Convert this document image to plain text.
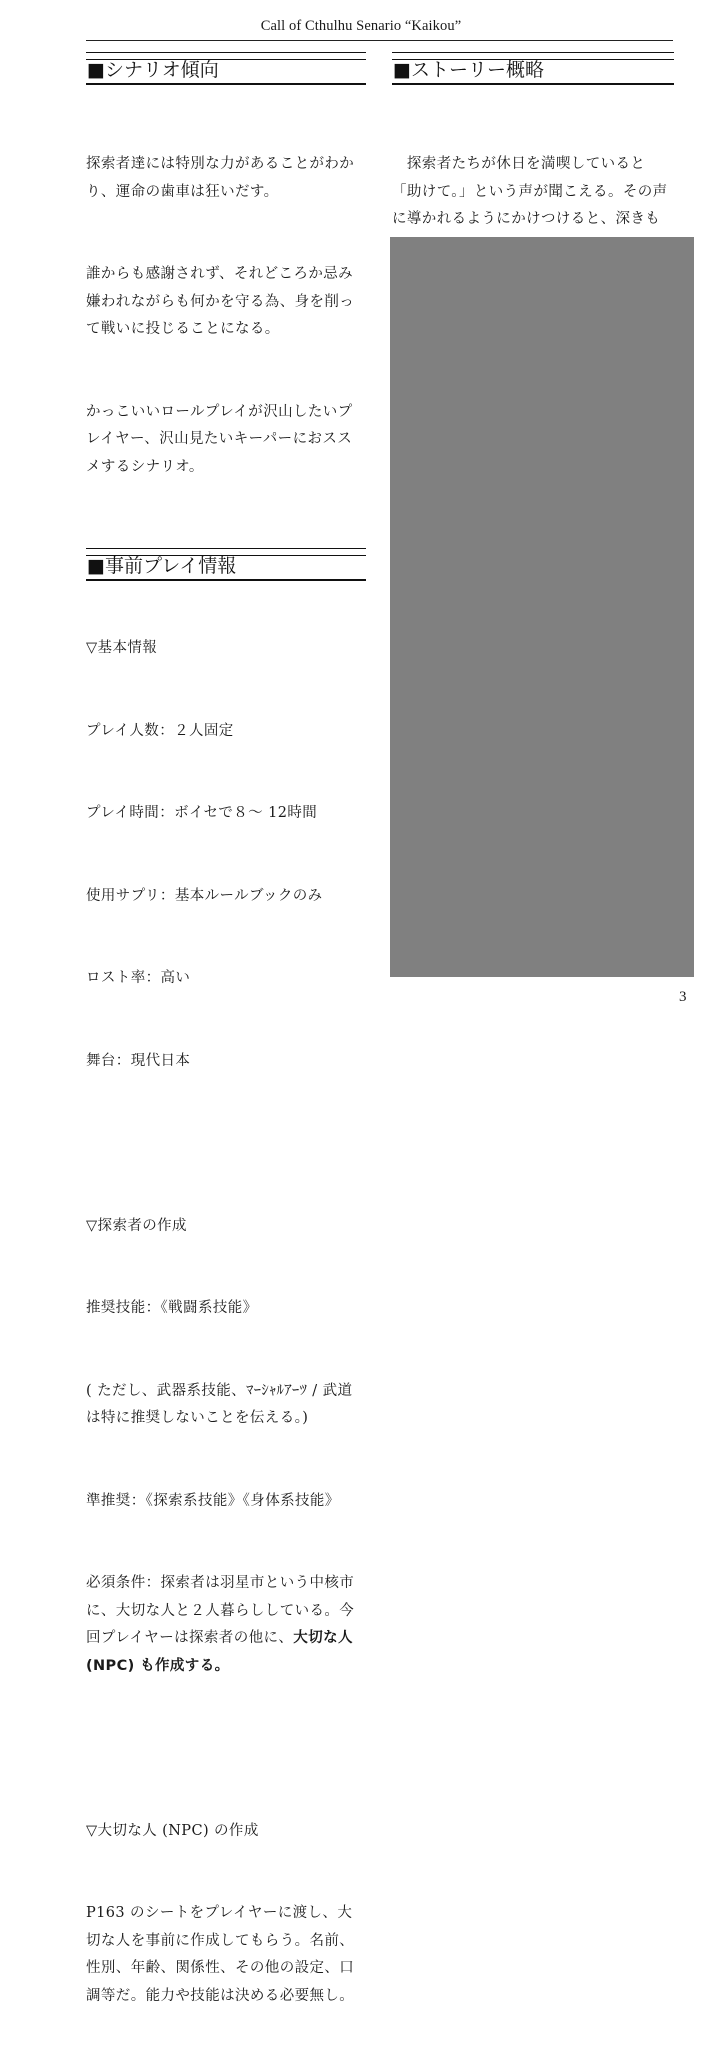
Call of Cthulhu Senario “Kaikou”
■シナリオ傾向

探索者達には特別な力があることがわかり、運命の歯車は狂いだす。

誰からも感謝されず、それどころか忌み嫌われながらも何かを守る為、身を削って戦いに投じることになる。

かっこいいロールプレイが沢山したいプレイヤー、沢山見たいキーパーにおススメするシナリオ。

■事前プレイ情報

▽基本情報

プレイ人数：２人固定

プレイ時間：ボイセで８～ 12時間

使用サプリ：基本ルールブックのみ

ロスト率：高い

舞台：現代日本

▽探索者の作成

推奨技能：《戦闘系技能》

( ただし、武器系技能、ﾏｰｼｬﾙｱｰﾂ / 武道は特に推奨しないことを伝える。)

準推奨：《探索系技能》《身体系技能》

必須条件：探索者は羽星市という中核市に、大切な人と２人暮らししている。今回プレイヤーは探索者の他に、大切な人 (NPC) も作成する。

▽大切な人 (NPC) の作成

P163 のシートをプレイヤーに渡し、大切な人を事前に作成してもらう。名前、性別、年齢、関係性、その他の設定、口調等だ。能力や技能は決める必要無し。

■ストーリー概略

　探索者たちが休日を満喫していると「助けて。」という声が聞こえる。その声に導かれるようにかけつけると、深きも

3
